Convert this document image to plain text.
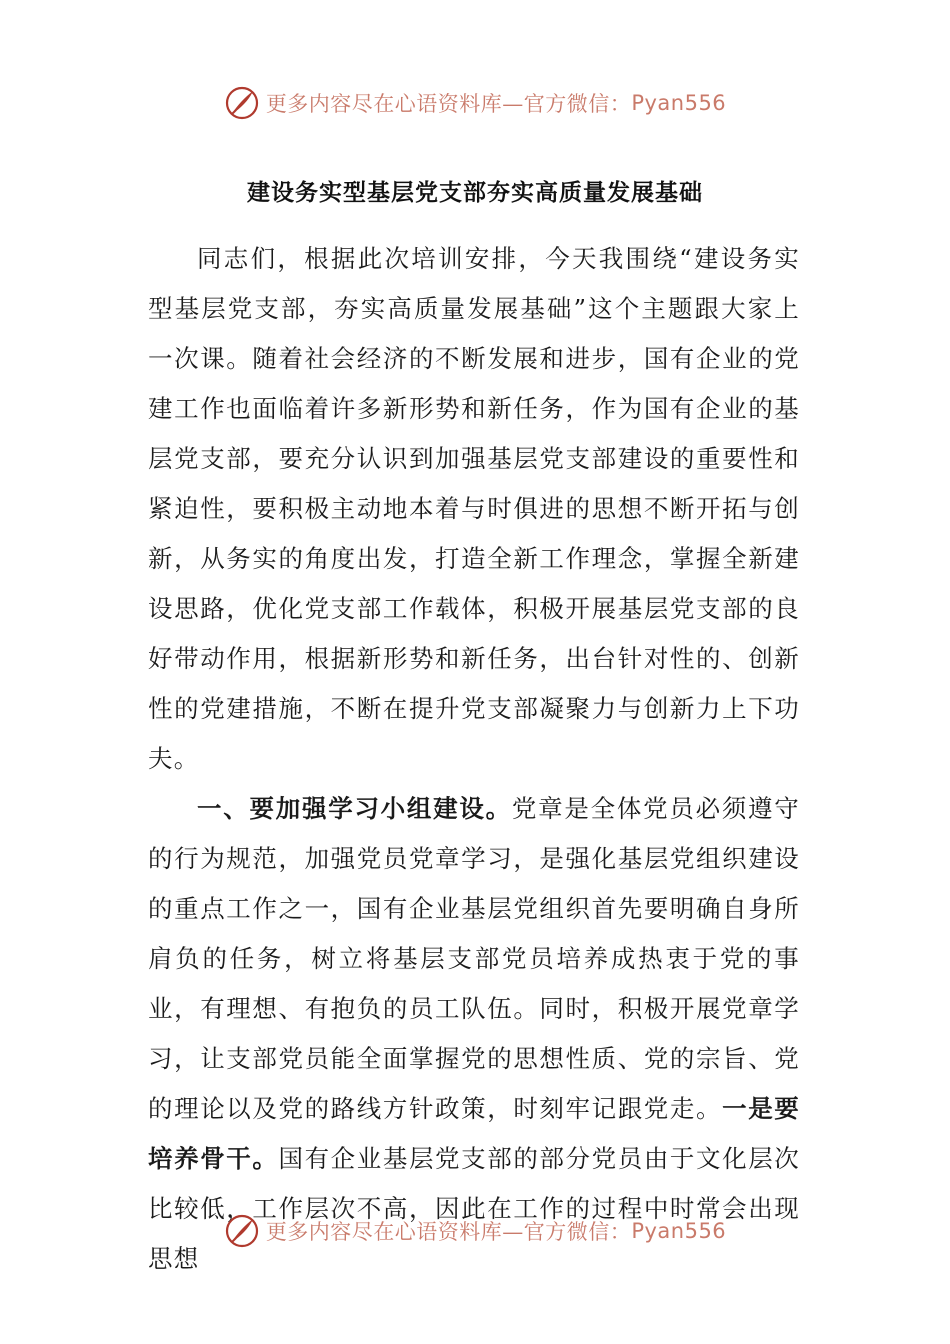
更多内容尽在心语资料库—官方微信： Pyan556
建设务实型基层党支部夯实高质量发展基础

同志们，根据此次培训安排，今天我围绕“建设务实型基层党支部，夯实高质量发展基础”这个主题跟大家上一次课。随着社会经济的不断发展和进步，国有企业的党建工作也面临着许多新形势和新任务，作为国有企业的基层党支部，要充分认识到加强基层党支部建设的重要性和紧迫性，要积极主动地本着与时俱进的思想不断开拓与创新，从务实的角度出发，打造全新工作理念，掌握全新建设思路，优化党支部工作载体，积极开展基层党支部的良好带动作用，根据新形势和新任务，出台针对性的、创新性的党建措施，不断在提升党支部凝聚力与创新力上下功夫。

一、要加强学习小组建设。党章是全体党员必须遵守的行为规范，加强党员党章学习，是强化基层党组织建设的重点工作之一，国有企业基层党组织首先要明确自身所肩负的任务，树立将基层支部党员培养成热衷于党的事业，有理想、有抱负的员工队伍。同时，积极开展党章学习，让支部党员能全面掌握党的思想性质、党的宗旨、党的理论以及党的路线方针政策，时刻牢记跟党走。一是要培养骨干。国有企业基层党支部的部分党员由于文化层次比较低，工作层次不高，因此在工作的过程中时常会出现思想

更多内容尽在心语资料库—官方微信： Pyan556
